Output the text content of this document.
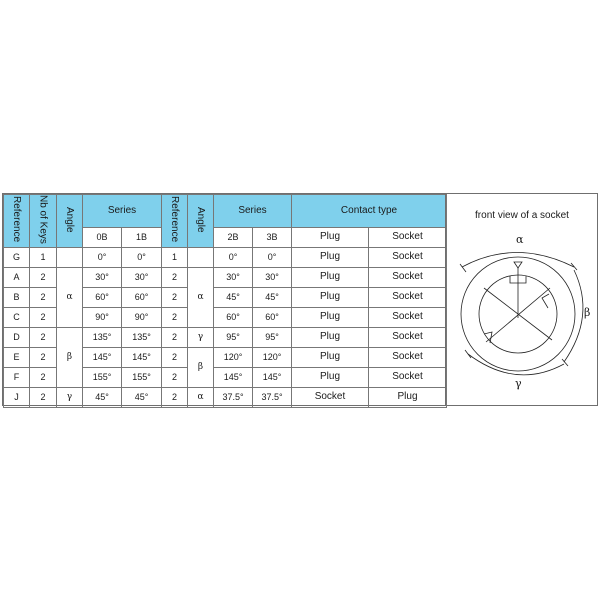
Reference	Nb of Keys	Angle	Series		Reference	Angle	Series		Contact type	
			0B	1B			2B	3B	Plug	Socket
G	1		0°	0°	1		0°	0°	Plug	Socket
A	2	α	30°	30°	2	α	30°	30°	Plug	Socket
B	2		60°	60°	2		45°	45°	Plug	Socket
C	2		90°	90°	2		60°	60°	Plug	Socket
D	2	β	135°	135°	2	γ	95°	95°	Plug	Socket
E	2		145°	145°	2	β	120°	120°	Plug	Socket
F	2		155°	155°	2		145°	145°	Plug	Socket
J	2	γ	45°	45°	2	α	37.5°	37.5°	Socket	Plug
front view of a socket
α
β
γ
